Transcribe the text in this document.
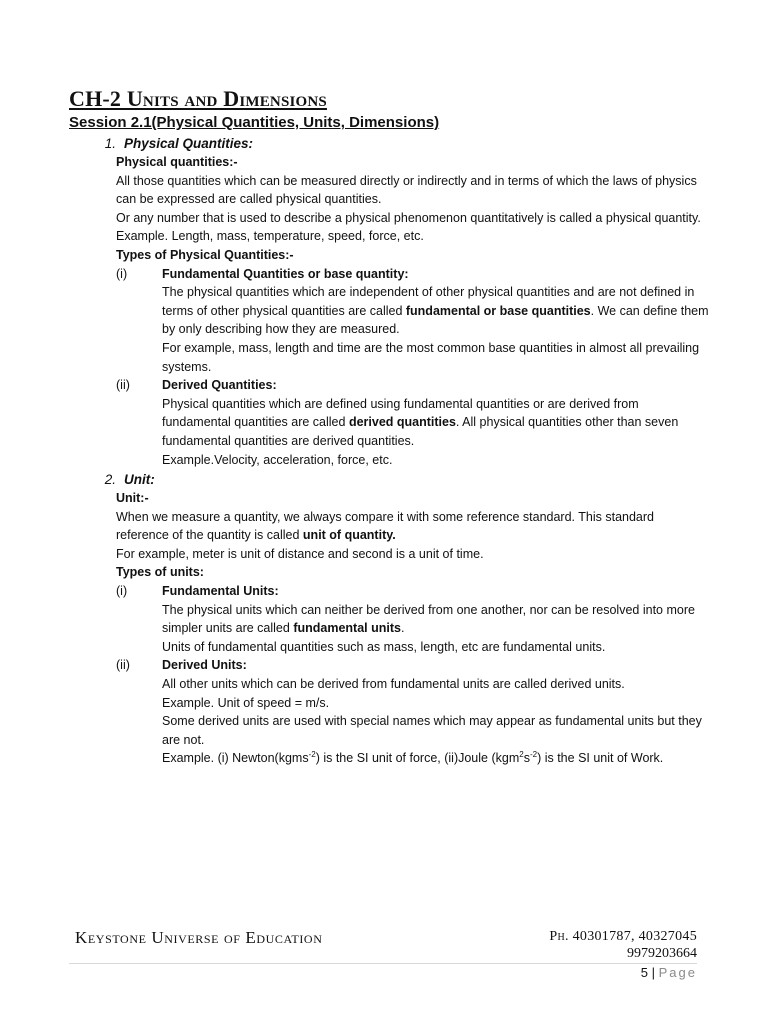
CH-2 Units and Dimensions
Session 2.1(Physical Quantities, Units, Dimensions)
1. Physical Quantities:
Physical quantities:-
All those quantities which can be measured directly or indirectly and in terms of which the laws of physics can be expressed are called physical quantities.
Or any number that is used to describe a physical phenomenon quantitatively is called a physical quantity.
Example. Length, mass, temperature, speed, force, etc.
Types of Physical Quantities:-
(i)	Fundamental Quantities or base quantity:
The physical quantities which are independent of other physical quantities and are not defined in terms of other physical quantities are called fundamental or base quantities. We can define them by only describing how they are measured.
For example, mass, length and time are the most common base quantities in almost all prevailing systems.
(ii)	Derived Quantities:
Physical quantities which are defined using fundamental quantities or are derived from fundamental quantities are called derived quantities. All physical quantities other than seven fundamental quantities are derived quantities.
Example.Velocity, acceleration, force, etc.
2. Unit:
Unit:-
When we measure a quantity, we always compare it with some reference standard. This standard reference of the quantity is called unit of quantity.
For example, meter is unit of distance and second is a unit of time.
Types of units:
(i)	Fundamental Units:
The physical units which can neither be derived from one another, nor can be resolved into more simpler units are called fundamental units.
Units of fundamental quantities such as mass, length, etc are fundamental units.
(ii)	Derived Units:
All other units which can be derived from fundamental units are called derived units.
Example. Unit of speed = m/s.
Some derived units are used with special names which may appear as fundamental units but they are not.
Example. (i) Newton(kgms$^{-2}$) is the SI unit of force, (ii)Joule $(kgm^2s^{-2})$ is the SI unit of Work.
Keystone Universe of Education	Ph. 40301787, 40327045
9979203664
5 | Page
